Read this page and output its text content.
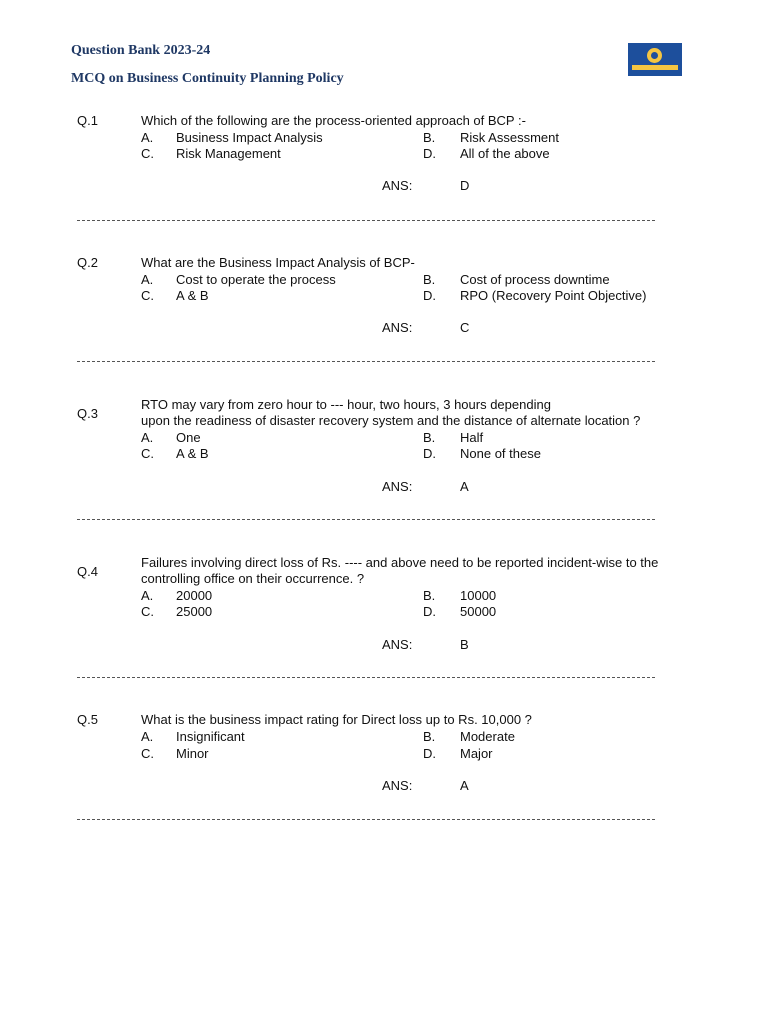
Question Bank 2023-24
MCQ on Business Continuity Planning Policy
Q.1	Which of the following are the process-oriented approach of BCP :-
A. Business Impact Analysis	B. Risk Assessment
C. Risk Management	D. All of the above
ANS:	D
Q.2	What are the Business Impact Analysis of BCP-
A. Cost to operate the process	B. Cost of process downtime
C. A & B	D. RPO (Recovery Point Objective)
ANS:	C
Q.3
RTO may vary from zero hour to --- hour, two hours, 3 hours depending
upon the readiness of disaster recovery system and the distance of alternate location ?
A. One	B. Half
C. A & B	D. None of these
ANS:	A
Q.4
Failures involving direct loss of Rs. ---- and above need to be reported incident-wise to the
controlling office on their occurrence. ?
A. 20000	B. 10000
C. 25000	D. 50000
ANS:	B
Q.5	What is the business impact rating for Direct loss up to Rs. 10,000 ?
A. Insignificant	B. Moderate
C. Minor	D. Major
ANS:	A
